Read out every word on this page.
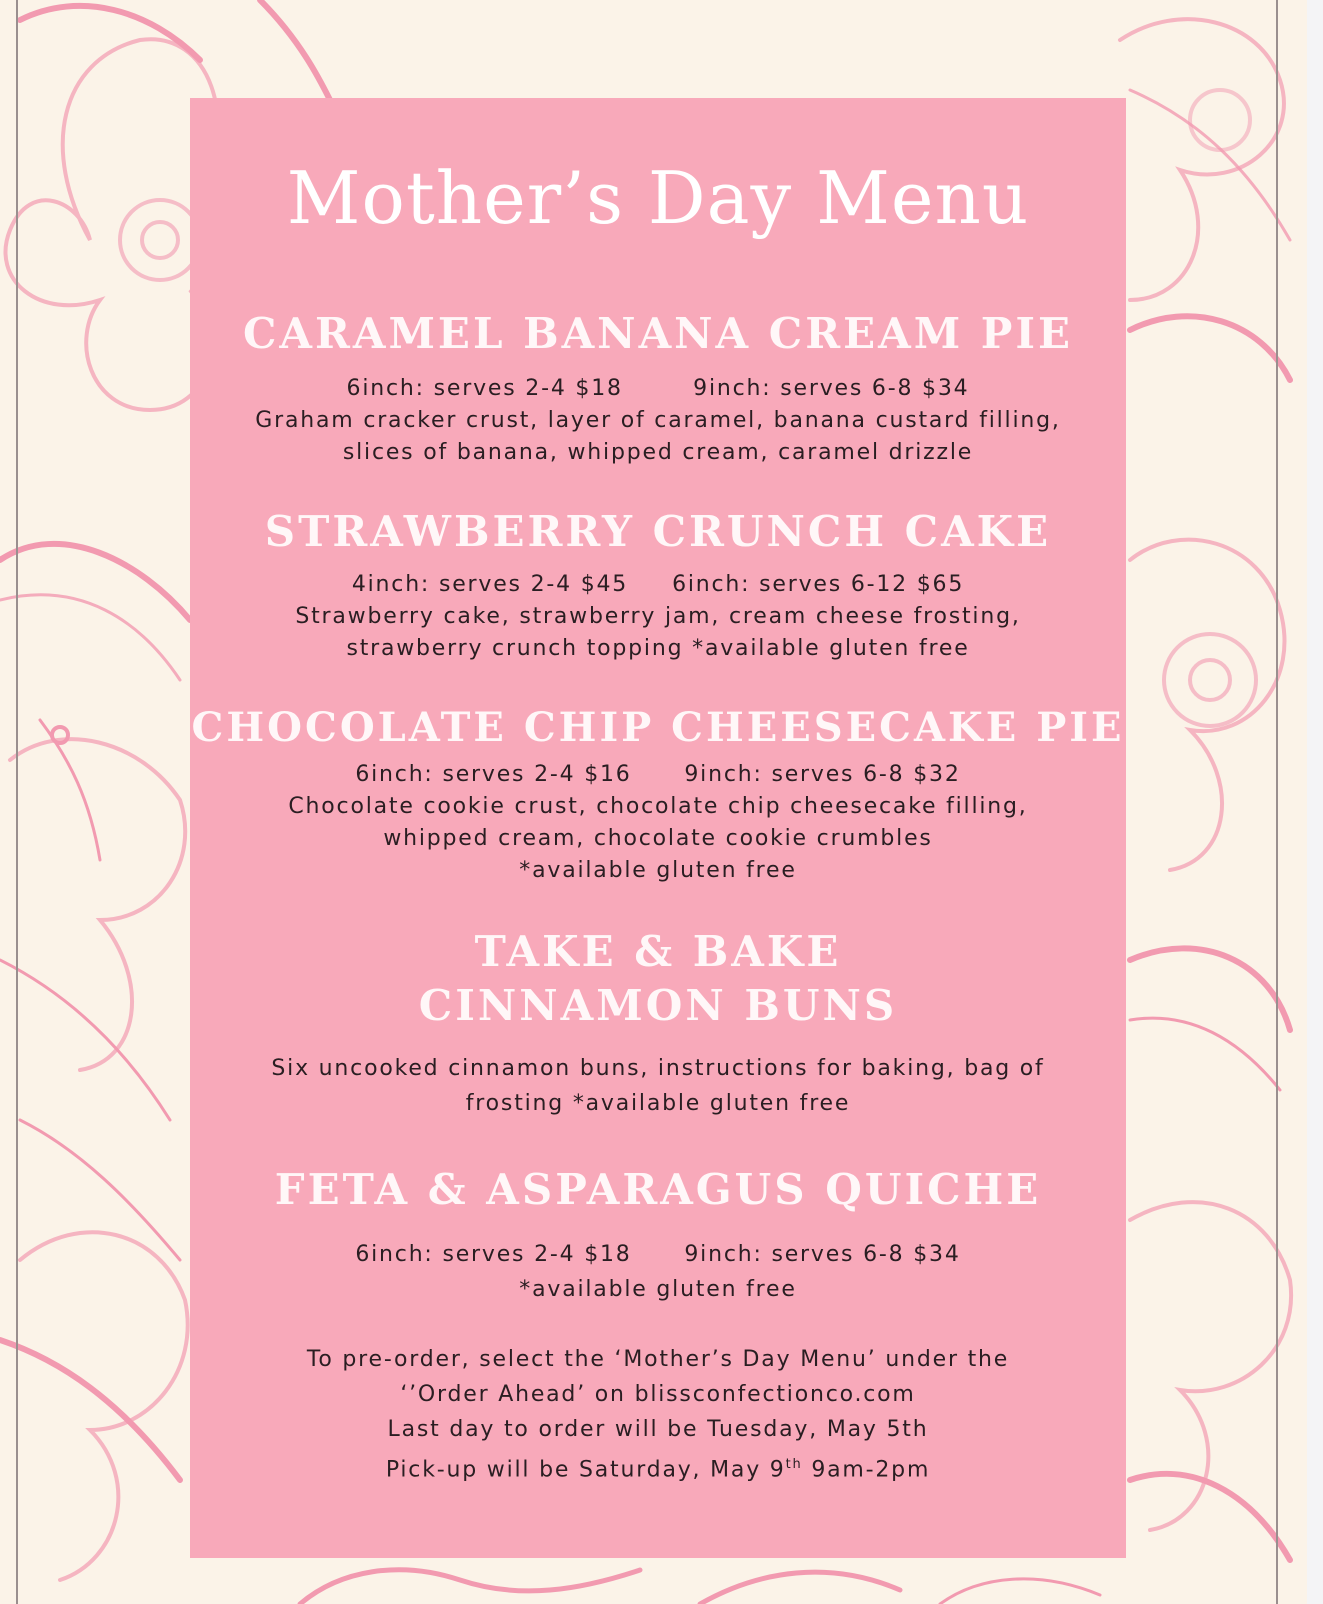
Mother’s Day Menu
CARAMEL BANANA CREAM PIE
6inch: serves 2-4 $18        9inch: serves 6-8 $34
Graham cracker crust, layer of caramel, banana custard filling,
slices of banana, whipped cream, caramel drizzle
STRAWBERRY CRUNCH CAKE
4inch: serves 2-4 $45     6inch: serves 6-12 $65
Strawberry cake, strawberry jam, cream cheese frosting,
strawberry crunch topping *available gluten free
CHOCOLATE CHIP CHEESECAKE PIE
6inch: serves 2-4 $16      9inch: serves 6-8 $32
Chocolate cookie crust, chocolate chip cheesecake filling,
whipped cream, chocolate cookie crumbles
*available gluten free
TAKE & BAKE
CINNAMON BUNS
Six uncooked cinnamon buns, instructions for baking, bag of
frosting *available gluten free
FETA & ASPARAGUS QUICHE
6inch: serves 2-4 $18      9inch: serves 6-8 $34
*available gluten free
To pre-order, select the ‘Mother’s Day Menu’ under the
‘’Order Ahead’ on blissconfectionco.com
Last day to order will be Tuesday, May 5th
Pick-up will be Saturday, May 9th 9am-2pm
